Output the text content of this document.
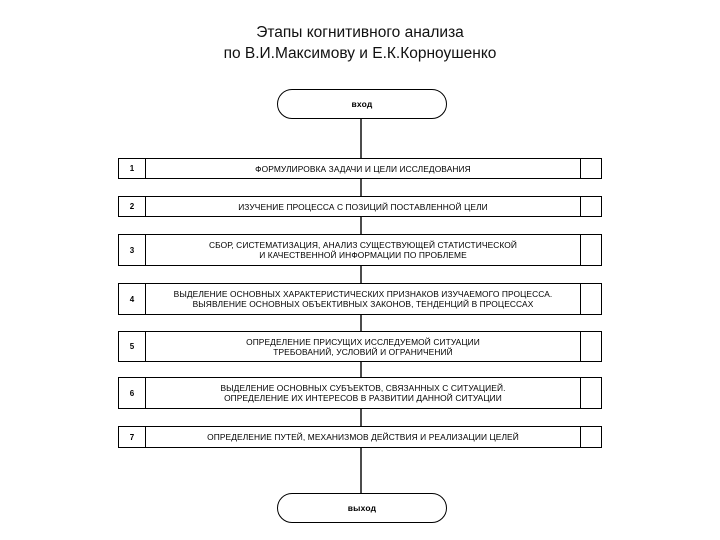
Этапы когнитивного анализа
по В.И.Максимову и Е.К.Корноушенко
вход
1	ФОРМУЛИРОВКА ЗАДАЧИ И ЦЕЛИ ИССЛЕДОВАНИЯ
2	ИЗУЧЕНИЕ ПРОЦЕССА С ПОЗИЦИЙ ПОСТАВЛЕННОЙ ЦЕЛИ
3	СБОР, СИСТЕМАТИЗАЦИЯ, АНАЛИЗ СУЩЕСТВУЮЩЕЙ СТАТИСТИЧЕСКОЙ
И КАЧЕСТВЕННОЙ ИНФОРМАЦИИ ПО ПРОБЛЕМЕ
4	ВЫДЕЛЕНИЕ ОСНОВНЫХ ХАРАКТЕРИСТИЧЕСКИХ ПРИЗНАКОВ ИЗУЧАЕМОГО ПРОЦЕССА.
ВЫЯВЛЕНИЕ ОСНОВНЫХ ОБЪЕКТИВНЫХ ЗАКОНОВ, ТЕНДЕНЦИЙ В ПРОЦЕССАХ
5	ОПРЕДЕЛЕНИЕ ПРИСУЩИХ ИССЛЕДУЕМОЙ СИТУАЦИИ
ТРЕБОВАНИЙ, УСЛОВИЙ И ОГРАНИЧЕНИЙ
6	ВЫДЕЛЕНИЕ ОСНОВНЫХ СУБЪЕКТОВ, СВЯЗАННЫХ С СИТУАЦИЕЙ.
ОПРЕДЕЛЕНИЕ ИХ ИНТЕРЕСОВ В РАЗВИТИИ ДАННОЙ СИТУАЦИИ
7	ОПРЕДЕЛЕНИЕ ПУТЕЙ, МЕХАНИЗМОВ ДЕЙСТВИЯ И РЕАЛИЗАЦИИ ЦЕЛЕЙ
выход
